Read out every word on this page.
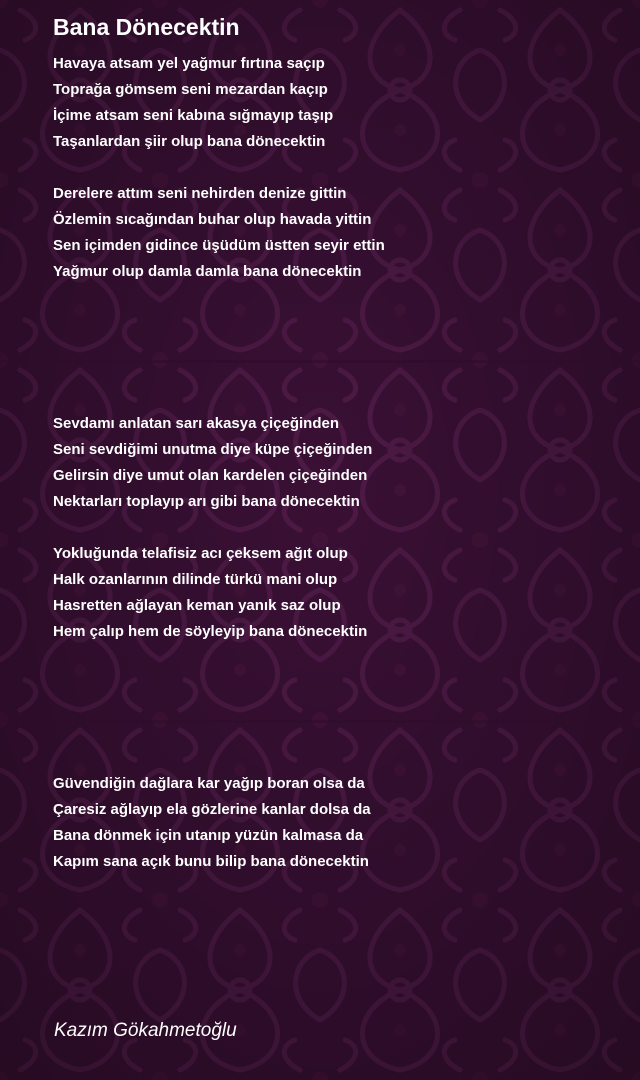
Bana Dönecektin
Havaya atsam yel yağmur fırtına saçıp
Toprağa gömsem seni mezardan kaçıp
İçime atsam seni kabına sığmayıp taşıp
Taşanlardan şiir olup bana dönecektin
Derelere attım seni nehirden denize gittin
Özlemin sıcağından buhar olup havada yittin
Sen içimden gidince üşüdüm üstten seyir ettin
Yağmur olup damla damla bana dönecektin
Sevdamı anlatan sarı akasya çiçeğinden
Seni sevdiğimi unutma diye küpe çiçeğinden
Gelirsin diye umut olan kardelen çiçeğinden
Nektarları toplayıp arı gibi bana dönecektin
Yokluğunda telafisiz acı çeksem ağıt olup
Halk ozanlarının dilinde türkü mani olup
Hasretten ağlayan keman yanık saz olup
Hem çalıp hem de söyleyip bana dönecektin
Güvendiğin dağlara kar yağıp boran olsa da
Çaresiz ağlayıp ela gözlerine kanlar dolsa da
Bana dönmek için utanıp yüzün kalmasa da
Kapım sana açık bunu bilip bana dönecektin
Kazım Gökahmetoğlu
